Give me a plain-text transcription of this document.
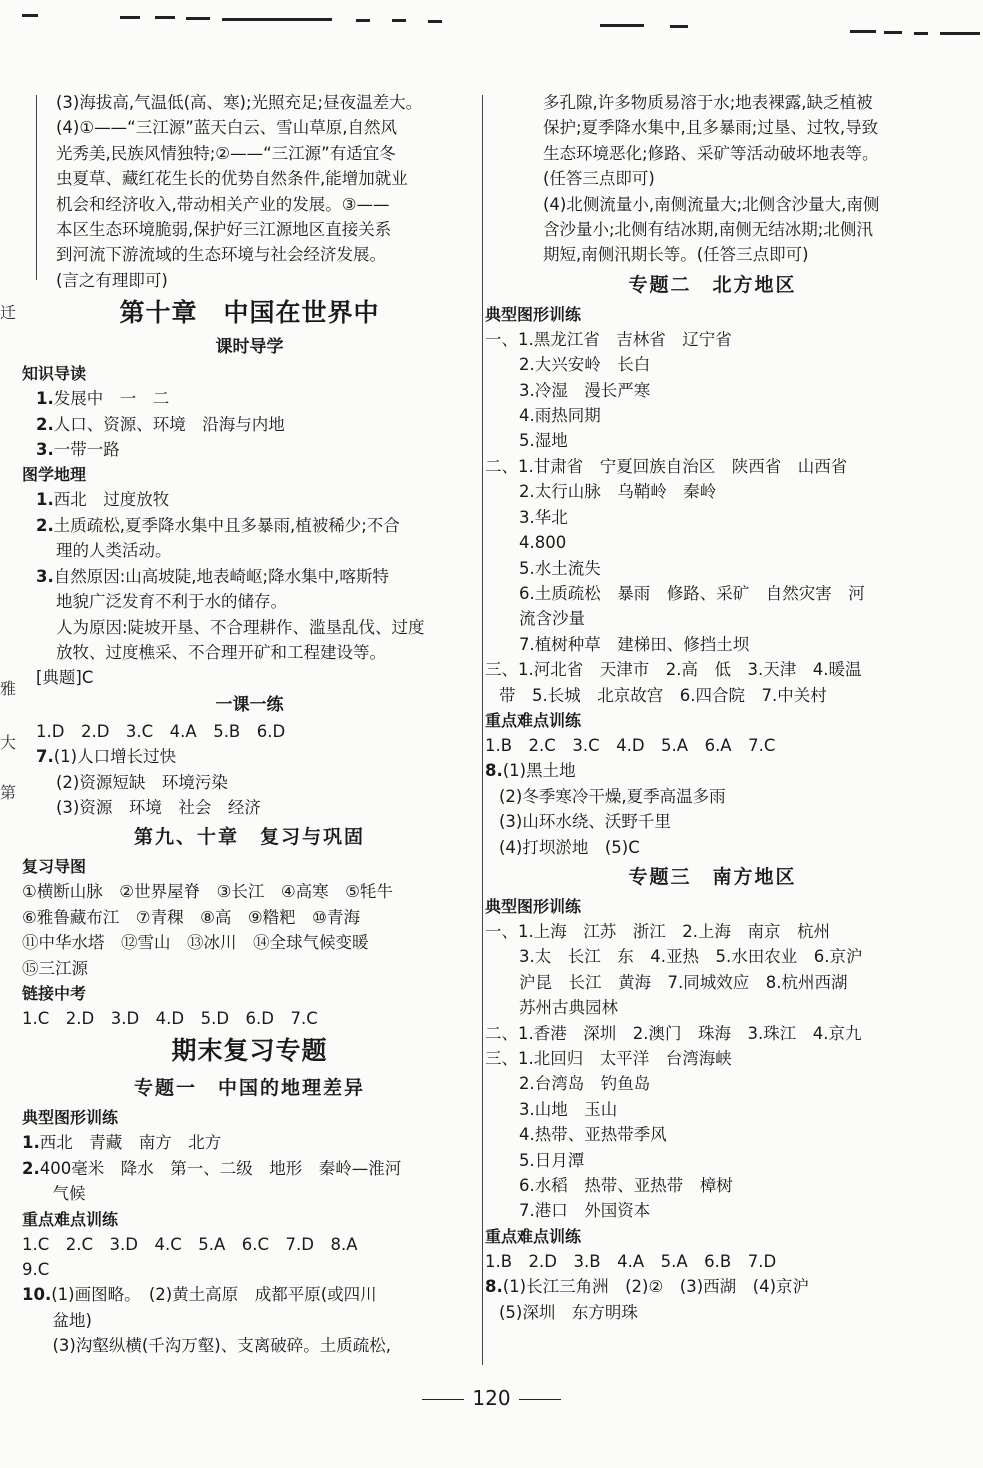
迁
雅
大
第
(3)海拔高,气温低(高、寒);光照充足;昼夜温差大。
(4)①——“三江源”蓝天白云、雪山草原,自然风
光秀美,民族风情独特;②——“三江源”有适宜冬
虫夏草、藏红花生长的优势自然条件,能增加就业
机会和经济收入,带动相关产业的发展。③——
本区生态环境脆弱,保护好三江源地区直接关系
到河流下游流域的生态环境与社会经济发展。
(言之有理即可)
第十章　中国在世界中
课时导学
知识导读
1.发展中　一　二
2.人口、资源、环境　沿海与内地
3.一带一路
图学地理
1.西北　过度放牧
2.土质疏松,夏季降水集中且多暴雨,植被稀少;不合
理的人类活动。
3.自然原因:山高坡陡,地表崎岖;降水集中,喀斯特
地貌广泛发育不利于水的储存。
人为原因:陡坡开垦、不合理耕作、滥垦乱伐、过度
放牧、过度樵采、不合理开矿和工程建设等。
[典题]C
一课一练
1.D　2.D　3.C　4.A　5.B　6.D
7.(1)人口增长过快
(2)资源短缺　环境污染
(3)资源　环境　社会　经济
第九、十章　复习与巩固
复习导图
①横断山脉　②世界屋脊　③长江　④高寒　⑤牦牛
⑥雅鲁藏布江　⑦青稞　⑧高　⑨糌粑　⑩青海
⑪中华水塔　⑫雪山　⑬冰川　⑭全球气候变暖
⑮三江源
链接中考
1.C　2.D　3.D　4.D　5.D　6.D　7.C
期末复习专题
专题一　中国的地理差异
典型图形训练
1.西北　青藏　南方　北方
2.400毫米　降水　第一、二级　地形　秦岭—淮河
　气候
重点难点训练
1.C　2.C　3.D　4.C　5.A　6.C　7.D　8.A
9.C
10.(1)画图略。　(2)黄土高原　成都平原(或四川
　盆地)
　(3)沟壑纵横(千沟万壑)、支离破碎。土质疏松,
多孔隙,许多物质易溶于水;地表裸露,缺乏植被
保护;夏季降水集中,且多暴雨;过垦、过牧,导致
生态环境恶化;修路、采矿等活动破坏地表等。
(任答三点即可)
(4)北侧流量小,南侧流量大;北侧含沙量大,南侧
含沙量小;北侧有结冰期,南侧无结冰期;北侧汛
期短,南侧汛期长等。(任答三点即可)
专题二　北方地区
典型图形训练
一、1.黑龙江省　吉林省　辽宁省
2.大兴安岭　长白
3.冷湿　漫长严寒
4.雨热同期
5.湿地
二、1.甘肃省　宁夏回族自治区　陕西省　山西省
2.太行山脉　乌鞘岭　秦岭
3.华北
4.800
5.水土流失
6.土质疏松　暴雨　修路、采矿　自然灾害　河
流含沙量
7.植树种草　建梯田、修挡土坝
三、1.河北省　天津市　2.高　低　3.天津　4.暖温
带　5.长城　北京故宫　6.四合院　7.中关村
重点难点训练
1.B　2.C　3.C　4.D　5.A　6.A　7.C
8.(1)黑土地
(2)冬季寒冷干燥,夏季高温多雨
(3)山环水绕、沃野千里
(4)打坝淤地　(5)C
专题三　南方地区
典型图形训练
一、1.上海　江苏　浙江　2.上海　南京　杭州
3.太　长江　东　4.亚热　5.水田农业　6.京沪
沪昆　长江　黄海　7.同城效应　8.杭州西湖
苏州古典园林
二、1.香港　深圳　2.澳门　珠海　3.珠江　4.京九
三、1.北回归　太平洋　台湾海峡
2.台湾岛　钓鱼岛
3.山地　玉山
4.热带、亚热带季风
5.日月潭
6.水稻　热带、亚热带　樟树
7.港口　外国资本
重点难点训练
1.B　2.D　3.B　4.A　5.A　6.B　7.D
8.(1)长江三角洲　(2)②　(3)西湖　(4)京沪
(5)深圳　东方明珠
120
